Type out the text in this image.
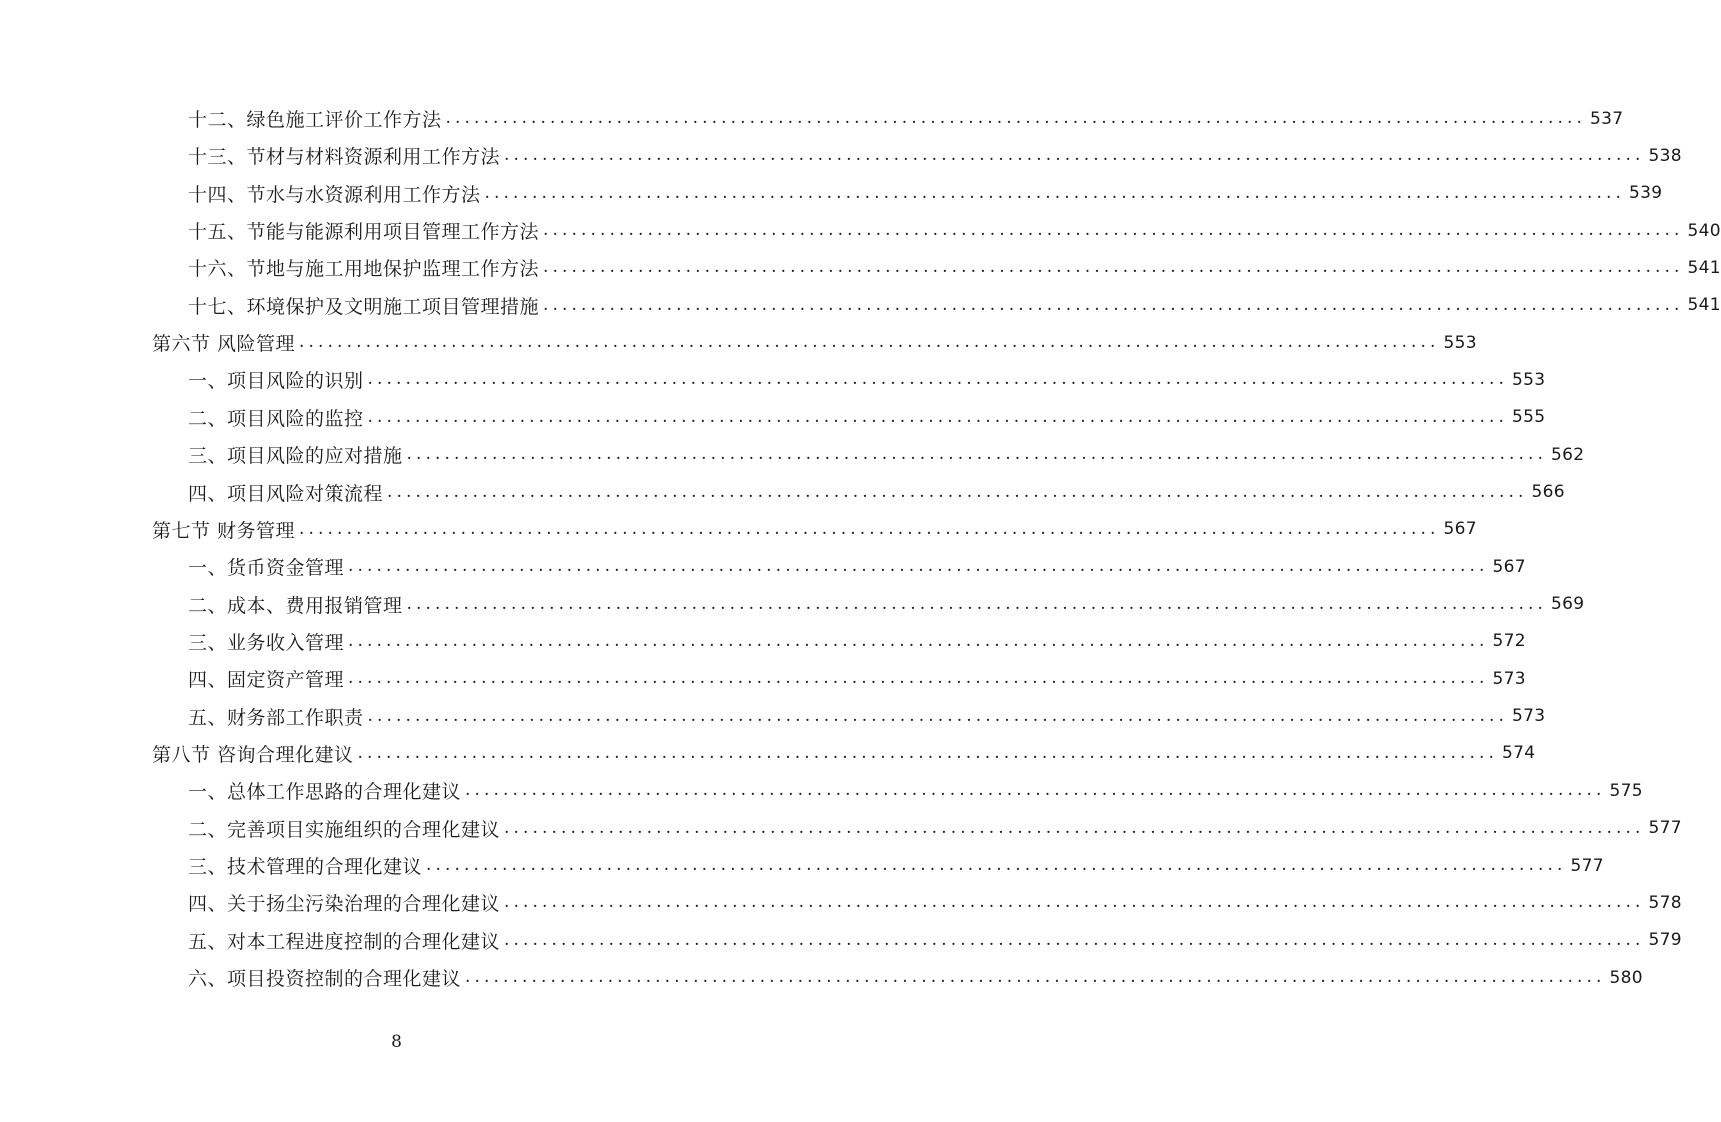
十二、绿色施工评价工作方法 ........................................................................................................................ 537
十三、节材与材料资源利用工作方法 ........................................................................................................................ 538
十四、节水与水资源利用工作方法 ........................................................................................................................ 539
十五、节能与能源利用项目管理工作方法 ........................................................................................................................ 540
十六、节地与施工用地保护监理工作方法 ........................................................................................................................ 541
十七、环境保护及文明施工项目管理措施 ........................................................................................................................ 541
第六节 风险管理 ........................................................................................................................ 553
一、项目风险的识别 ........................................................................................................................ 553
二、项目风险的监控 ........................................................................................................................ 555
三、项目风险的应对措施 ........................................................................................................................ 562
四、项目风险对策流程 ........................................................................................................................ 566
第七节 财务管理 ........................................................................................................................ 567
一、货币资金管理 ........................................................................................................................ 567
二、成本、费用报销管理 ........................................................................................................................ 569
三、业务收入管理 ........................................................................................................................ 572
四、固定资产管理 ........................................................................................................................ 573
五、财务部工作职责 ........................................................................................................................ 573
第八节 咨询合理化建议 ........................................................................................................................ 574
一、总体工作思路的合理化建议 ........................................................................................................................ 575
二、完善项目实施组织的合理化建议 ........................................................................................................................ 577
三、技术管理的合理化建议 ........................................................................................................................ 577
四、关于扬尘污染治理的合理化建议 ........................................................................................................................ 578
五、对本工程进度控制的合理化建议 ........................................................................................................................ 579
六、项目投资控制的合理化建议 ........................................................................................................................ 580
8
